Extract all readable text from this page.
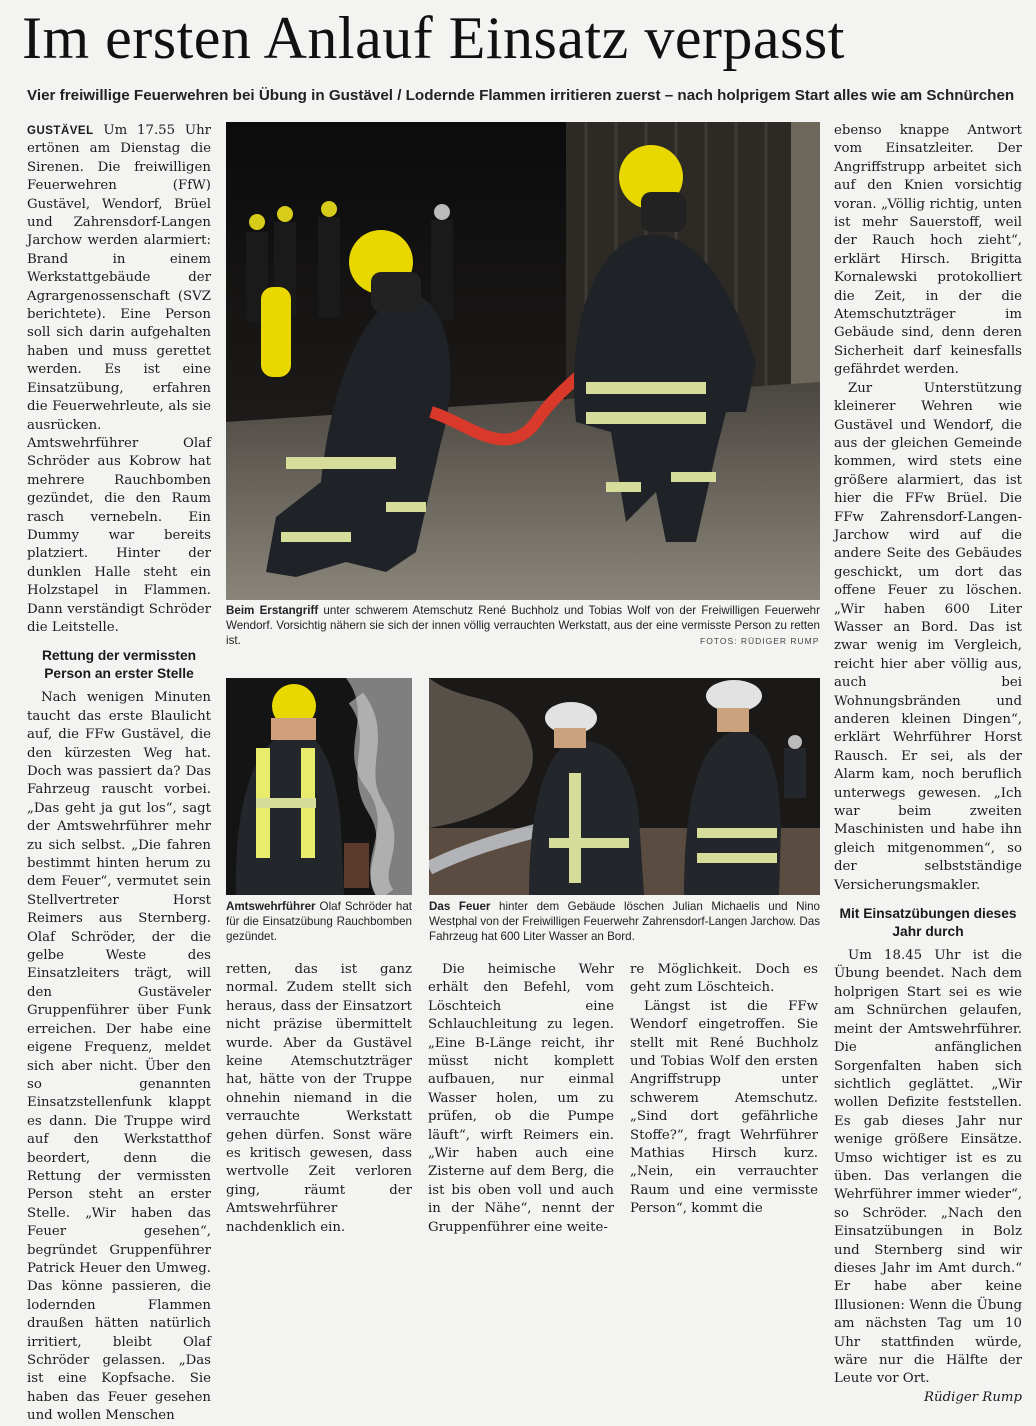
Im ersten Anlauf Einsatz verpasst
Vier freiwillige Feuerwehren bei Übung in Gustävel / Lodernde Flammen irritieren zuerst – nach holprigem Start alles wie am Schnürchen

GUSTÄVEL Um 17.55 Uhr ertönen am Dienstag die Sirenen. Die freiwilligen Feuerwehren (FfW) Gustävel, Wendorf, Brüel und Zahrensdorf-Langen Jarchow werden alarmiert: Brand in einem Werkstattgebäude der Agrargenossenschaft (SVZ berichtete). Eine Person soll sich darin aufgehalten haben und muss gerettet werden. Es ist eine Einsatzübung, erfahren die Feuerwehrleute, als sie ausrücken. Amtswehrführer Olaf Schröder aus Kobrow hat mehrere Rauchbomben gezündet, die den Raum rasch vernebeln. Ein Dummy war bereits platziert. Hinter der dunklen Halle steht ein Holzstapel in Flammen. Dann verständigt Schröder die Leitstelle.

Rettung der vermissten Person an erster Stelle

Nach wenigen Minuten taucht das erste Blaulicht auf, die FFw Gustävel, die den kürzesten Weg hat. Doch was passiert da? Das Fahrzeug rauscht vorbei. „Das geht ja gut los“, sagt der Amtswehrführer mehr zu sich selbst. „Die fahren bestimmt hinten herum zu dem Feuer“, vermutet sein Stellvertreter Horst Reimers aus Sternberg. Olaf Schröder, der die gelbe Weste des Einsatzleiters trägt, will den Gustäveler Gruppenführer über Funk erreichen. Der habe eine eigene Frequenz, meldet sich aber nicht. Über den so genannten Einsatzstellenfunk klappt es dann. Die Truppe wird auf den Werkstatthof beordert, denn die Rettung der vermissten Person steht an erster Stelle. „Wir haben das Feuer gesehen“, begründet Gruppenführer Patrick Heuer den Umweg. Das könne passieren, die lodernden Flammen draußen hätten natürlich irritiert, bleibt Olaf Schröder gelassen. „Das ist eine Kopfsache. Sie haben das Feuer gesehen und wollen Menschen

retten, das ist ganz normal. Zudem stellt sich heraus, dass der Einsatzort nicht präzise übermittelt wurde. Aber da Gustävel keine Atemschutzträger hat, hätte von der Truppe ohnehin niemand in die verrauchte Werkstatt gehen dürfen. Sonst wäre es kritisch gewesen, dass wertvolle Zeit verloren ging, räumt der Amtswehrführer nachdenklich ein.

Die heimische Wehr erhält den Befehl, vom Löschteich eine Schlauchleitung zu legen. „Eine B-Länge reicht, ihr müsst nicht komplett aufbauen, nur einmal Wasser holen, um zu prüfen, ob die Pumpe läuft“, wirft Reimers ein. „Wir haben auch eine Zisterne auf dem Berg, die ist bis oben voll und auch in der Nähe“, nennt der Gruppenführer eine weite-

re Möglichkeit. Doch es geht zum Löschteich.

Längst ist die FFw Wendorf eingetroffen. Sie stellt mit René Buchholz und Tobias Wolf den ersten Angriffstrupp unter schwerem Atemschutz. „Sind dort gefährliche Stoffe?“, fragt Wehrführer Mathias Hirsch kurz. „Nein, ein verrauchter Raum und eine vermisste Person“, kommt die

ebenso knappe Antwort vom Einsatzleiter. Der Angriffstrupp arbeitet sich auf den Knien vorsichtig voran. „Völlig richtig, unten ist mehr Sauerstoff, weil der Rauch hoch zieht“, erklärt Hirsch. Brigitta Kornalewski protokolliert die Zeit, in der die Atemschutzträger im Gebäude sind, denn deren Sicherheit darf keinesfalls gefährdet werden.

Zur Unterstützung kleinerer Wehren wie Gustävel und Wendorf, die aus der gleichen Gemeinde kommen, wird stets eine größere alarmiert, das ist hier die FFw Brüel. Die FFw Zahrensdorf-Langen-Jarchow wird auf die andere Seite des Gebäudes geschickt, um dort das offene Feuer zu löschen. „Wir haben 600 Liter Wasser an Bord. Das ist zwar wenig im Vergleich, reicht hier aber völlig aus, auch bei Wohnungsbränden und anderen kleinen Dingen“, erklärt Wehrführer Horst Rausch. Er sei, als der Alarm kam, noch beruflich unterwegs gewesen. „Ich war beim zweiten Maschinisten und habe ihn gleich mitgenommen“, so der selbstständige Versicherungsmakler.

Mit Einsatzübungen dieses Jahr durch

Um 18.45 Uhr ist die Übung beendet. Nach dem holprigen Start sei es wie am Schnürchen gelaufen, meint der Amtswehrführer. Die anfänglichen Sorgenfalten haben sich sichtlich geglättet. „Wir wollen Defizite feststellen. Es gab dieses Jahr nur wenige größere Einsätze. Umso wichtiger ist es zu üben. Das verlangen die Wehrführer immer wieder“, so Schröder. „Nach den Einsatzübungen in Bolz und Sternberg sind wir dieses Jahr im Amt durch.“ Er habe aber keine Illusionen: Wenn die Übung am nächsten Tag um 10 Uhr stattfinden würde, wäre nur die Hälfte der Leute vor Ort.
Rüdiger Rump

Beim Erstangriff unter schwerem Atemschutz René Buchholz und Tobias Wolf von der Freiwilligen Feuerwehr Wendorf. Vorsichtig nähern sie sich der innen völlig verrauchten Werkstatt, aus der eine vermisste Person zu retten ist.	FOTOS: RÜDIGER RUMP
Amtswehrführer Olaf Schröder hat für die Einsatzübung Rauchbomben gezündet.
Das Feuer hinter dem Gebäude löschen Julian Michaelis und Nino Westphal von der Freiwilligen Feuerwehr Zahrensdorf-Langen Jarchow. Das Fahrzeug hat 600 Liter Wasser an Bord.
